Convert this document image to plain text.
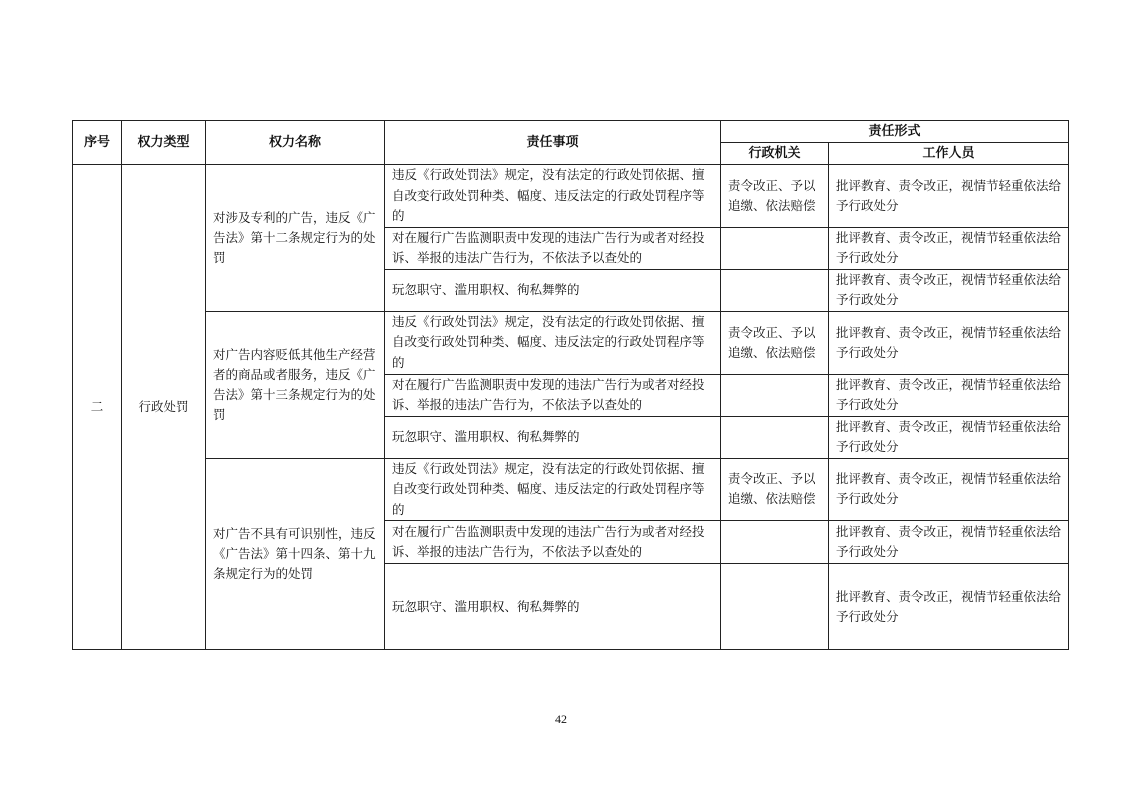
序号	权力类型	权力名称	责任事项	责任形式	
				行政机关	工作人员
二	行政处罚	对涉及专利的广告，违反《广告法》第十二条规定行为的处罚	违反《行政处罚法》规定，没有法定的行政处罚依据、擅自改变行政处罚种类、幅度、违反法定的行政处罚程序等的	责令改正、予以追缴、依法赔偿	批评教育、责令改正，视情节轻重依法给予行政处分
			对在履行广告监测职责中发现的违法广告行为或者对经投诉、举报的违法广告行为，不依法予以查处的		批评教育、责令改正，视情节轻重依法给予行政处分
			玩忽职守、滥用职权、徇私舞弊的		批评教育、责令改正，视情节轻重依法给予行政处分
		对广告内容贬低其他生产经营者的商品或者服务，违反《广告法》第十三条规定行为的处罚	违反《行政处罚法》规定，没有法定的行政处罚依据、擅自改变行政处罚种类、幅度、违反法定的行政处罚程序等的	责令改正、予以追缴、依法赔偿	批评教育、责令改正，视情节轻重依法给予行政处分
			对在履行广告监测职责中发现的违法广告行为或者对经投诉、举报的违法广告行为，不依法予以查处的		批评教育、责令改正，视情节轻重依法给予行政处分
			玩忽职守、滥用职权、徇私舞弊的		批评教育、责令改正，视情节轻重依法给予行政处分
		对广告不具有可识别性，违反《广告法》第十四条、第十九条规定行为的处罚	违反《行政处罚法》规定，没有法定的行政处罚依据、擅自改变行政处罚种类、幅度、违反法定的行政处罚程序等的	责令改正、予以追缴、依法赔偿	批评教育、责令改正，视情节轻重依法给予行政处分
			对在履行广告监测职责中发现的违法广告行为或者对经投诉、举报的违法广告行为，不依法予以查处的		批评教育、责令改正，视情节轻重依法给予行政处分
			玩忽职守、滥用职权、徇私舞弊的		批评教育、责令改正，视情节轻重依法给予行政处分
42
